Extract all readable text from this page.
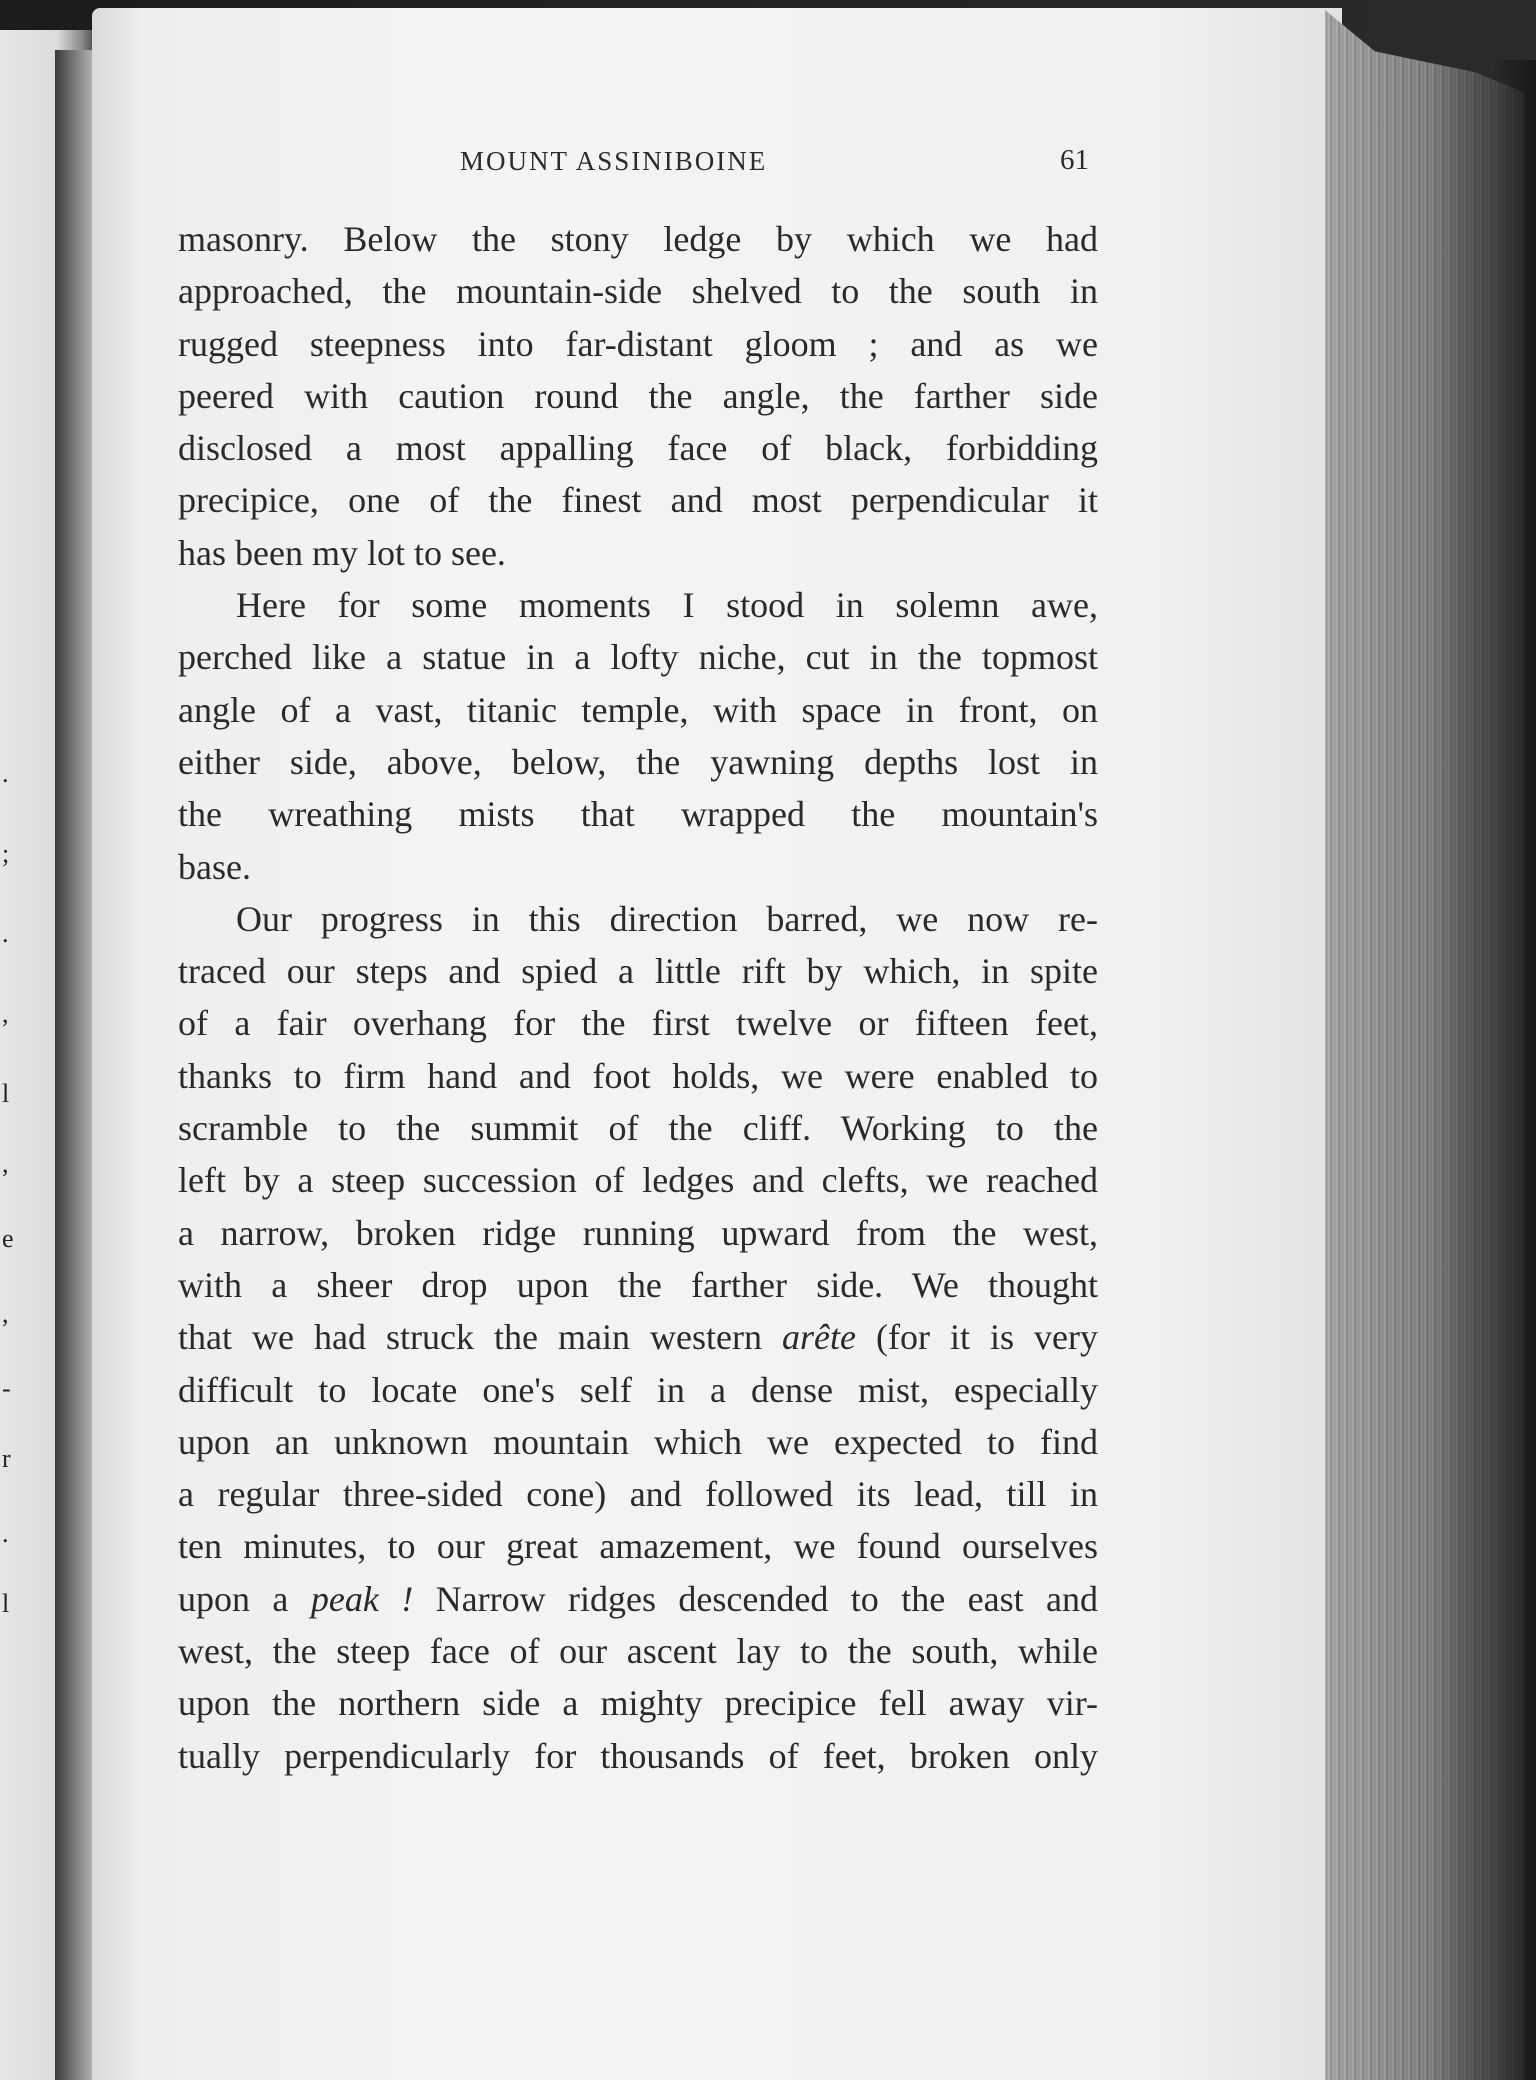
.
;
.
,
l
,
e
,
-
r
.
l
MOUNT ASSINIBOINE	61
masonry. Below the stony ledge by which we had
approached, the mountain-side shelved to the south in
rugged steepness into far-distant gloom ; and as we
peered with caution round the angle, the farther side
disclosed a most appalling face of black, forbidding
precipice, one of the finest and most perpendicular it
has been my lot to see.
Here for some moments I stood in solemn awe,
perched like a statue in a lofty niche, cut in the topmost
angle of a vast, titanic temple, with space in front, on
either side, above, below, the yawning depths lost in
the wreathing mists that wrapped the mountain's
base.
Our progress in this direction barred, we now re-
traced our steps and spied a little rift by which, in spite
of a fair overhang for the first twelve or fifteen feet,
thanks to firm hand and foot holds, we were enabled to
scramble to the summit of the cliff. Working to the
left by a steep succession of ledges and clefts, we reached
a narrow, broken ridge running upward from the west,
with a sheer drop upon the farther side. We thought
that we had struck the main western arête (for it is very
difficult to locate one's self in a dense mist, especially
upon an unknown mountain which we expected to find
a regular three-sided cone) and followed its lead, till in
ten minutes, to our great amazement, we found ourselves
upon a peak ! Narrow ridges descended to the east and
west, the steep face of our ascent lay to the south, while
upon the northern side a mighty precipice fell away vir-
tually perpendicularly for thousands of feet, broken only
